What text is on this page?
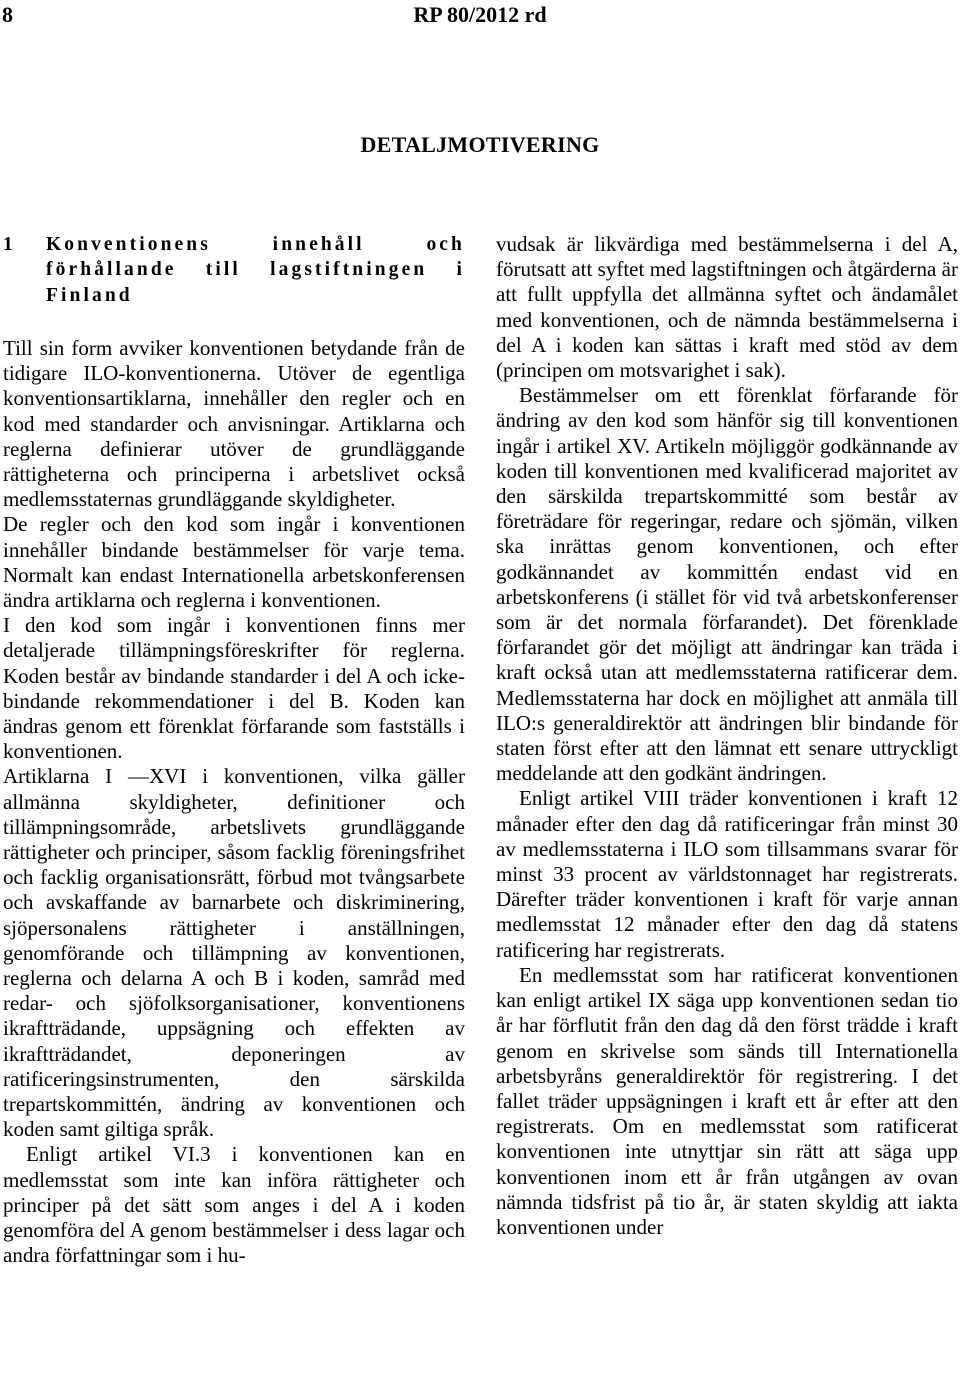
8	RP 80/2012 rd
DETALJMOTIVERING
1	Konventionens innehåll och förhållande till lagstiftningen i Finland

Till sin form avviker konventionen betydande från de tidigare ILO-konventionerna. Utöver de egentliga konventionsartiklarna, innehåller den regler och en kod med standarder och anvisningar. Artiklarna och reglerna definierar utöver de grundläggande rättigheterna och principerna i arbetslivet också medlemsstaternas grundläggande skyldigheter.

De regler och den kod som ingår i konventionen innehåller bindande bestämmelser för varje tema. Normalt kan endast Internationella arbetskonferensen ändra artiklarna och reglerna i konventionen.

I den kod som ingår i konventionen finns mer detaljerade tillämpningsföreskrifter för reglerna. Koden består av bindande standarder i del A och icke-bindande rekommendationer i del B. Koden kan ändras genom ett förenklat förfarande som fastställs i konventionen.

Artiklarna I —XVI i konventionen, vilka gäller allmänna skyldigheter, definitioner och tillämpningsområde, arbetslivets grundläggande rättigheter och principer, såsom facklig föreningsfrihet och facklig organisationsrätt, förbud mot tvångsarbete och avskaffande av barnarbete och diskriminering, sjöpersonalens rättigheter i anställningen, genomförande och tillämpning av konventionen, reglerna och delarna A och B i koden, samråd med redar- och sjöfolksorganisationer, konventionens ikraftträdande, uppsägning och effekten av ikraftträdandet, deponeringen av ratificeringsinstrumenten, den särskilda trepartskommittén, ändring av konventionen och koden samt giltiga språk.

Enligt artikel VI.3 i konventionen kan en medlemsstat som inte kan införa rättigheter och principer på det sätt som anges i del A i koden genomföra del A genom bestämmelser i dess lagar och andra författningar som i hu-

vudsak är likvärdiga med bestämmelserna i del A, förutsatt att syftet med lagstiftningen och åtgärderna är att fullt uppfylla det allmänna syftet och ändamålet med konventionen, och de nämnda bestämmelserna i del A i koden kan sättas i kraft med stöd av dem (principen om motsvarighet i sak).

Bestämmelser om ett förenklat förfarande för ändring av den kod som hänför sig till konventionen ingår i artikel XV. Artikeln möjliggör godkännande av koden till konventionen med kvalificerad majoritet av den särskilda trepartskommitté som består av företrädare för regeringar, redare och sjömän, vilken ska inrättas genom konventionen, och efter godkännandet av kommittén endast vid en arbetskonferens (i stället för vid två arbetskonferenser som är det normala förfarandet). Det förenklade förfarandet gör det möjligt att ändringar kan träda i kraft också utan att medlemsstaterna ratificerar dem. Medlemsstaterna har dock en möjlighet att anmäla till ILO:s generaldirektör att ändringen blir bindande för staten först efter att den lämnat ett senare uttryckligt meddelande att den godkänt ändringen.

Enligt artikel VIII träder konventionen i kraft 12 månader efter den dag då ratificeringar från minst 30 av medlemsstaterna i ILO som tillsammans svarar för minst 33 procent av världstonnaget har registrerats. Därefter träder konventionen i kraft för varje annan medlemsstat 12 månader efter den dag då statens ratificering har registrerats.

En medlemsstat som har ratificerat konventionen kan enligt artikel IX säga upp konventionen sedan tio år har förflutit från den dag då den först trädde i kraft genom en skrivelse som sänds till Internationella arbetsbyråns generaldirektör för registrering. I det fallet träder uppsägningen i kraft ett år efter att den registrerats. Om en medlemsstat som ratificerat konventionen inte utnyttjar sin rätt att säga upp konventionen inom ett år från utgången av ovan nämnda tidsfrist på tio år, är staten skyldig att iakta konventionen under
